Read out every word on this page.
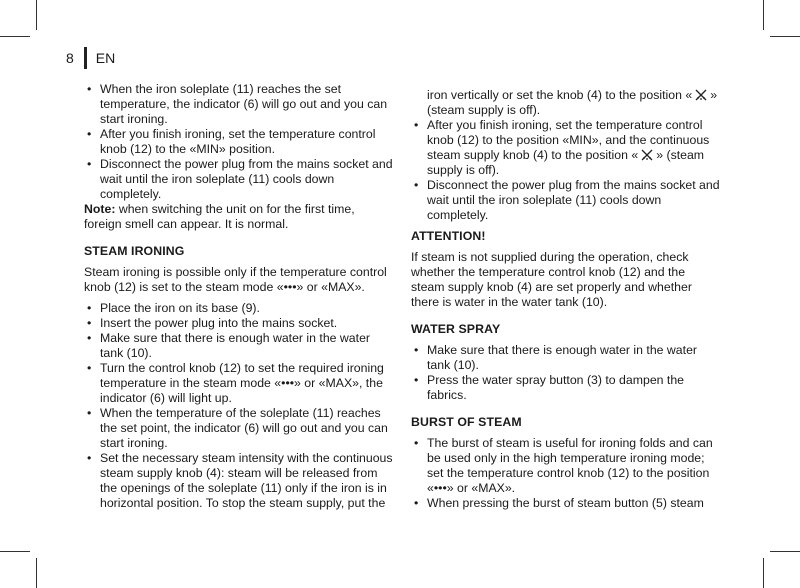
8 EN
• When the iron soleplate (11) reaches the set temperature, the indicator (6) will go out and you can start ironing.
• After you finish ironing, set the temperature control knob (12) to the «MIN» position.
• Disconnect the power plug from the mains socket and wait until the iron soleplate (11) cools down completely.

Note: when switching the unit on for the first time, foreign smell can appear. It is normal.

STEAM IRONING

Steam ironing is possible only if the temperature control knob (12) is set to the steam mode «•••» or «MAX».

• Place the iron on its base (9).
• Insert the power plug into the mains socket.
• Make sure that there is enough water in the water tank (10).
• Turn the control knob (12) to set the required ironing temperature in the steam mode «•••» or «MAX», the indicator (6) will light up.
• When the temperature of the soleplate (11) reaches the set point, the indicator (6) will go out and you can start ironing.
• Set the necessary steam intensity with the continuous steam supply knob (4): steam will be released from the openings of the soleplate (11) only if the iron is in horizontal position. To stop the steam supply, put the

iron vertically or set the knob (4) to the position « » (steam supply is off).

• After you finish ironing, set the temperature control knob (12) to the position «MIN», and the continuous steam supply knob (4) to the position « » (steam supply is off).
• Disconnect the power plug from the mains socket and wait until the iron soleplate (11) cools down completely.
ATTENTION!

If steam is not supplied during the operation, check whether the temperature control knob (12) and the steam supply knob (4) are set properly and whether there is water in the water tank (10).

WATER SPRAY
• Make sure that there is enough water in the water tank (10).
• Press the water spray button (3) to dampen the fabrics.
BURST OF STEAM
• The burst of steam is useful for ironing folds and can be used only in the high temperature ironing mode; set the temperature control knob (12) to the position «•••» or «MAX».
• When pressing the burst of steam button (5) steam
